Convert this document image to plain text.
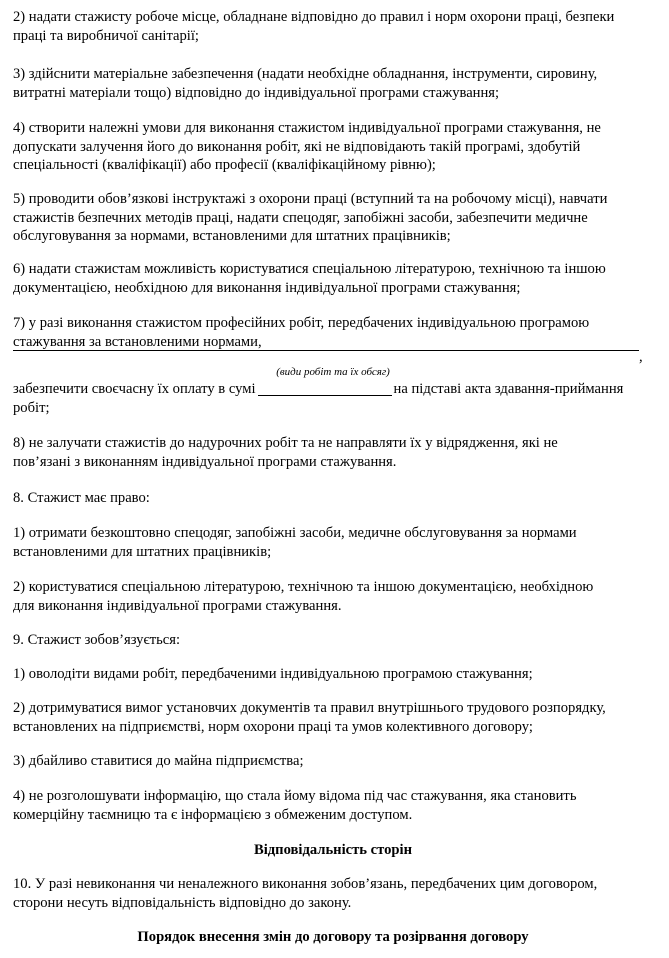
2) надати стажисту робоче місце, обладнане відповідно до правил і норм охорони праці, безпеки
праці та виробничої санітарії;

3) здійснити матеріальне забезпечення (надати необхідне обладнання, інструменти, сировину,
витратні матеріали тощо) відповідно до індивідуальної програми стажування;

4) створити належні умови для виконання стажистом індивідуальної програми стажування, не
допускати залучення його до виконання робіт, які не відповідають такій програмі, здобутій
спеціальності (кваліфікації) або професії (кваліфікаційному рівню);

5) проводити обов’язкові інструктажі з охорони праці (вступний та на робочому місці), навчати
стажистів безпечних методів праці, надати спецодяг, запобіжні засоби, забезпечити медичне
обслуговування за нормами, встановленими для штатних працівників;

6) надати стажистам можливість користуватися спеціальною літературою, технічною та іншою
документацією, необхідною для виконання індивідуальної програми стажування;

7) у разі виконання стажистом професійних робіт, передбачених індивідуальною програмою
стажування за встановленими нормами,

,
(види робіт та їх обсяг)

забезпечити своєчасну їх оплату в сумі	на підставі акта здавання-приймання
робіт;

8) не залучати стажистів до надурочних робіт та не направляти їх у відрядження, які не
пов’язані з виконанням індивідуальної програми стажування.

8. Стажист має право:

1) отримати безкоштовно спецодяг, запобіжні засоби, медичне обслуговування за нормами
встановленими для штатних працівників;

2) користуватися спеціальною літературою, технічною та іншою документацією, необхідною
для виконання індивідуальної програми стажування.

9. Стажист зобов’язується:

1) оволодіти видами робіт, передбаченими індивідуальною програмою стажування;

2) дотримуватися вимог установчих документів та правил внутрішнього трудового розпорядку,
встановлених на підприємстві, норм охорони праці та умов колективного договору;

3) дбайливо ставитися до майна підприємства;

4) не розголошувати інформацію, що стала йому відома під час стажування, яка становить
комерційну таємницю та є інформацією з обмеженим доступом.

Відповідальність сторін

10. У разі невиконання чи неналежного виконання зобов’язань, передбачених цим договором,
сторони несуть відповідальність відповідно до закону.

Порядок внесення змін до договору та розірвання договору
